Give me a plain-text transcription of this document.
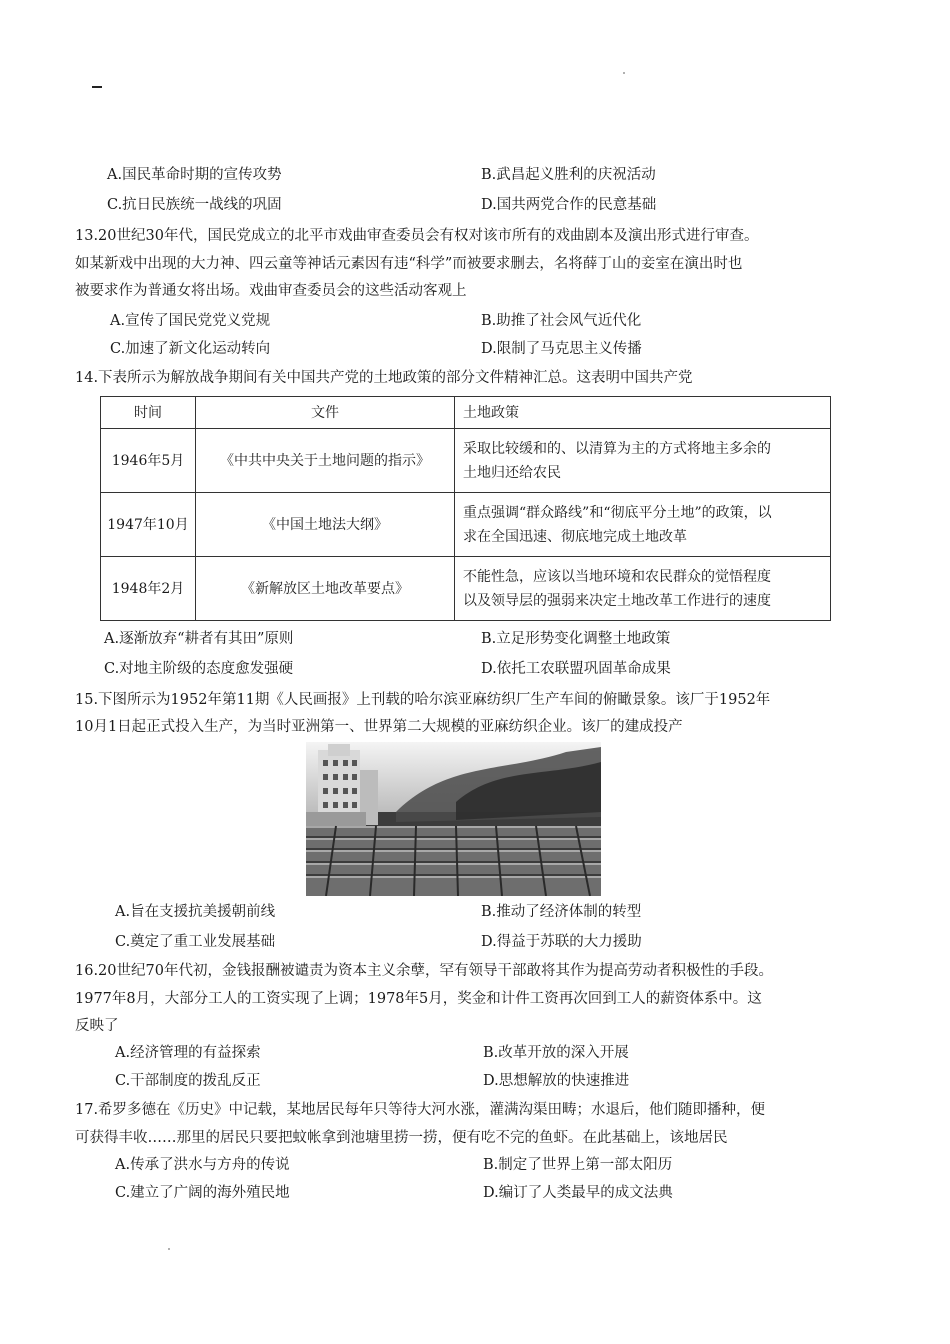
A.国民革命时期的宣传攻势	B.武昌起义胜利的庆祝活动
C.抗日民族统一战线的巩固	D.国共两党合作的民意基础
13.20世纪30年代，国民党成立的北平市戏曲审查委员会有权对该市所有的戏曲剧本及演出形式进行审查。
如某新戏中出现的大力神、四云童等神话元素因有违“科学”而被要求删去，名将薛丁山的妾室在演出时也
被要求作为普通女将出场。戏曲审查委员会的这些活动客观上
A.宣传了国民党党义党规	B.助推了社会风气近代化
C.加速了新文化运动转向	D.限制了马克思主义传播
14.下表所示为解放战争期间有关中国共产党的土地政策的部分文件精神汇总。这表明中国共产党
时间	文件	土地政策
1946年5月	《中共中央关于土地问题的指示》	采取比较缓和的、以清算为主的方式将地主多余的
土地归还给农民

1947年10月	《中国土地法大纲》	重点强调“群众路线”和“彻底平分土地”的政策，以
求在全国迅速、彻底地完成土地改革

1948年2月	《新解放区土地改革要点》	不能性急，应该以当地环境和农民群众的觉悟程度
以及领导层的强弱来决定土地改革工作进行的速度
A.逐渐放弃“耕者有其田”原则	B.立足形势变化调整土地政策
C.对地主阶级的态度愈发强硬	D.依托工农联盟巩固革命成果
15.下图所示为1952年第11期《人民画报》上刊载的哈尔滨亚麻纺织厂生产车间的俯瞰景象。该厂于1952年
10月1日起正式投入生产，为当时亚洲第一、世界第二大规模的亚麻纺织企业。该厂的建成投产
A.旨在支援抗美援朝前线	B.推动了经济体制的转型
C.奠定了重工业发展基础	D.得益于苏联的大力援助
16.20世纪70年代初，金钱报酬被谴责为资本主义余孽，罕有领导干部敢将其作为提高劳动者积极性的手段。
1977年8月，大部分工人的工资实现了上调；1978年5月，奖金和计件工资再次回到工人的薪资体系中。这
反映了
A.经济管理的有益探索	B.改革开放的深入开展
C.干部制度的拨乱反正	D.思想解放的快速推进
17.希罗多德在《历史》中记载，某地居民每年只等待大河水涨，灌满沟渠田畴；水退后，他们随即播种，便
可获得丰收……那里的居民只要把蚊帐拿到池塘里捞一捞，便有吃不完的鱼虾。在此基础上，该地居民
A.传承了洪水与方舟的传说	B.制定了世界上第一部太阳历
C.建立了广阔的海外殖民地	D.编订了人类最早的成文法典
